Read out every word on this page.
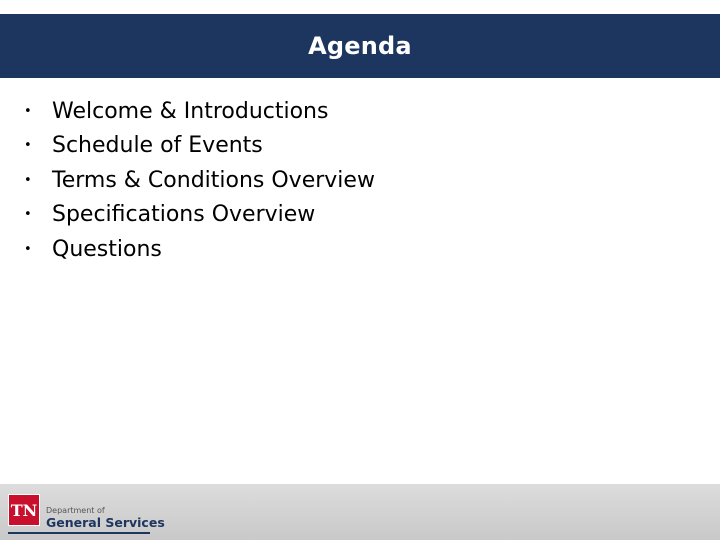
Agenda
• Welcome & Introductions
• Schedule of Events
• Terms & Conditions Overview
• Specifications Overview
• Questions
TN	Department of
General Services
